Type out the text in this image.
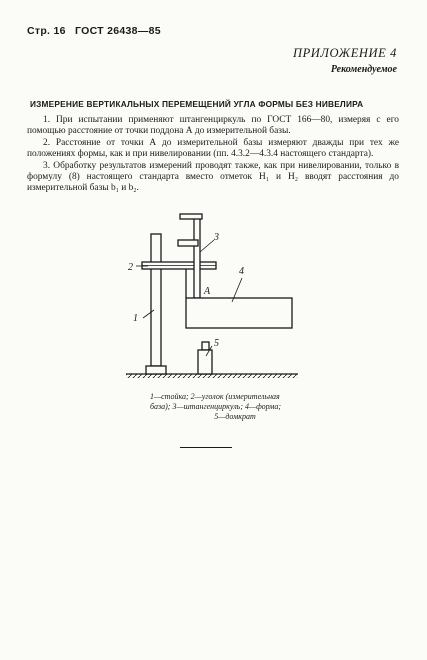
Стр. 16 ГОСТ 26438—85
ПРИЛОЖЕНИЕ 4
Рекомендуемое
ИЗМЕРЕНИЕ ВЕРТИКАЛЬНЫХ ПЕРЕМЕЩЕНИЙ УГЛА ФОРМЫ БЕЗ НИВЕЛИРА

1. При испытании применяют штангенциркуль по ГОСТ 166—80, измеряя с его помощью расстояние от точки поддона А до измерительной базы.

2. Расстояние от точки А до измерительной базы измеряют дважды при тех же положениях формы, как и при нивелировании (пп. 4.3.2—4.3.4 настоящего стандарта).

3. Обработку результатов измерений проводят также, как при нивелировании, только в формулу (8) настоящего стандарта вместо отметок H₁ и H₂ вводят расстояния до измерительной базы b₁ и b₂.

1
2
3
4
5
A
1—стойка; 2—уголок (измерительная
база); 3—штангенциркуль; 4—форма;
5—домкрат
